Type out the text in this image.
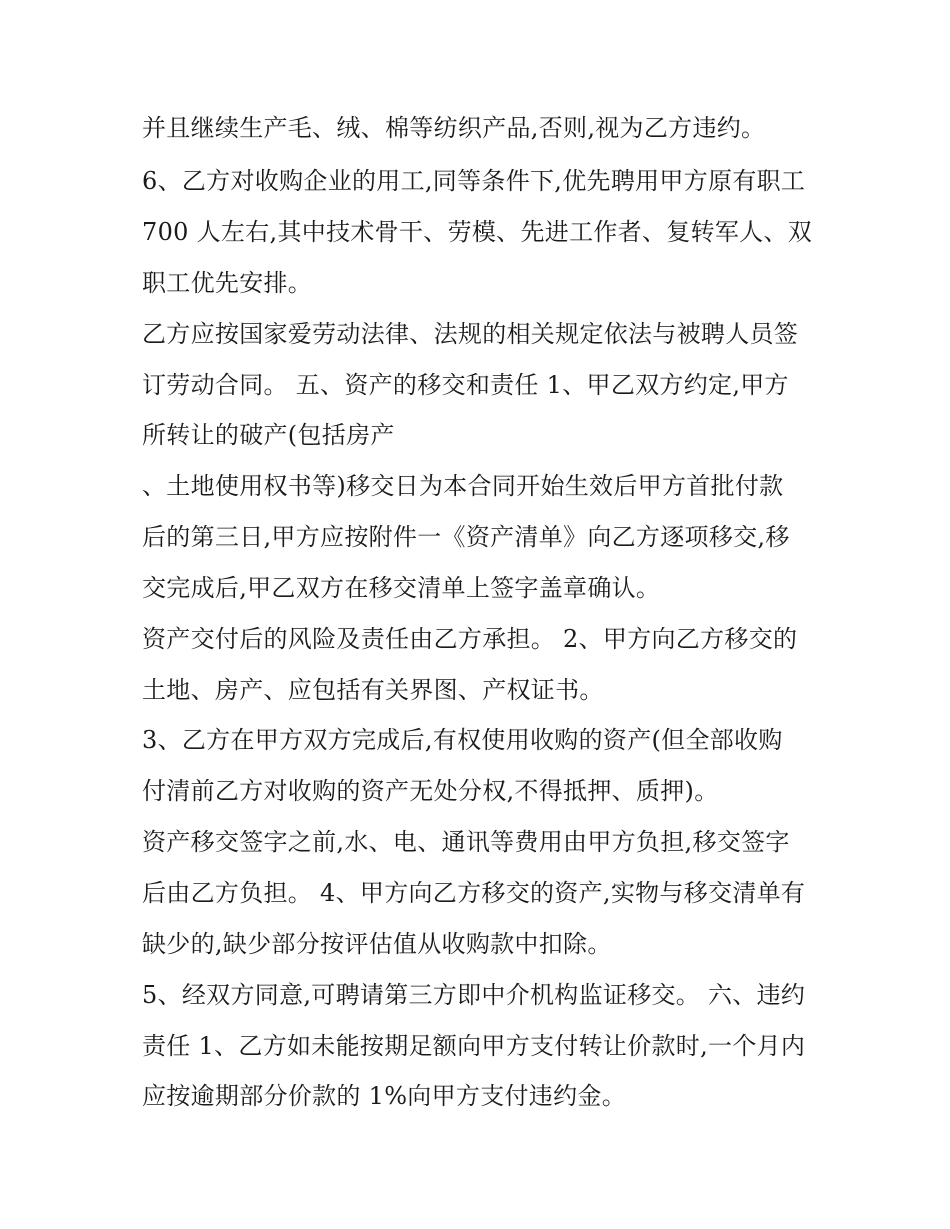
并且继续生产毛、绒、棉等纺织产品,否则,视为乙方违约。
6、乙方对收购企业的用工,同等条件下,优先聘用甲方原有职工
700 人左右,其中技术骨干、劳模、先进工作者、复转军人、双
职工优先安排。
乙方应按国家爱劳动法律、法规的相关规定依法与被聘人员签
订劳动合同。 五、资产的移交和责任 1、甲乙双方约定,甲方
所转让的破产(包括房产
、土地使用权书等)移交日为本合同开始生效后甲方首批付款
后的第三日,甲方应按附件一《资产清单》向乙方逐项移交,移
交完成后,甲乙双方在移交清单上签字盖章确认。
资产交付后的风险及责任由乙方承担。 2、甲方向乙方移交的
土地、房产、应包括有关界图、产权证书。
3、乙方在甲方双方完成后,有权使用收购的资产(但全部收购
付清前乙方对收购的资产无处分权,不得抵押、质押)。
资产移交签字之前,水、电、通讯等费用由甲方负担,移交签字
后由乙方负担。 4、甲方向乙方移交的资产,实物与移交清单有
缺少的,缺少部分按评估值从收购款中扣除。
5、经双方同意,可聘请第三方即中介机构监证移交。 六、违约
责任 1、乙方如未能按期足额向甲方支付转让价款时,一个月内
应按逾期部分价款的 1%向甲方支付违约金。
